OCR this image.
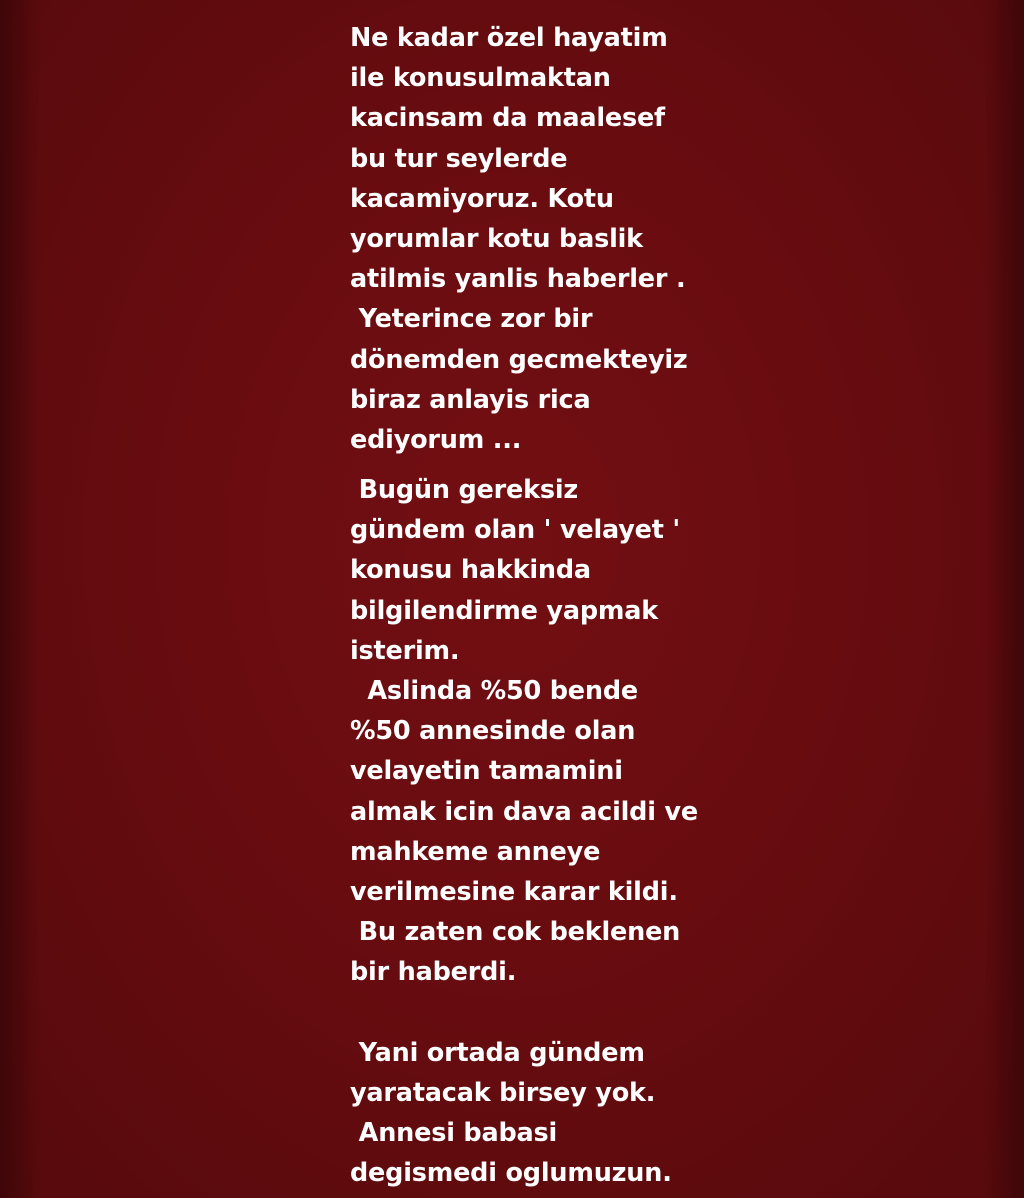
Ne kadar özel hayatim
ile konusulmaktan
kacinsam da maalesef
bu tur seylerde
kacamiyoruz. Kotu
yorumlar kotu baslik
atilmis yanlis haberler .
Yeterince zor bir
dönemden gecmekteyiz
biraz anlayis rica
ediyorum ...
Bugün gereksiz
gündem olan ' velayet '
konusu hakkinda
bilgilendirme yapmak
isterim.
Aslinda %50 bende
%50 annesinde olan
velayetin tamamini
almak icin dava acildi ve
mahkeme anneye
verilmesine karar kildi.
Bu zaten cok beklenen
bir haberdi.
Yani ortada gündem
yaratacak birsey yok.
Annesi babasi
degismedi oglumuzun.
